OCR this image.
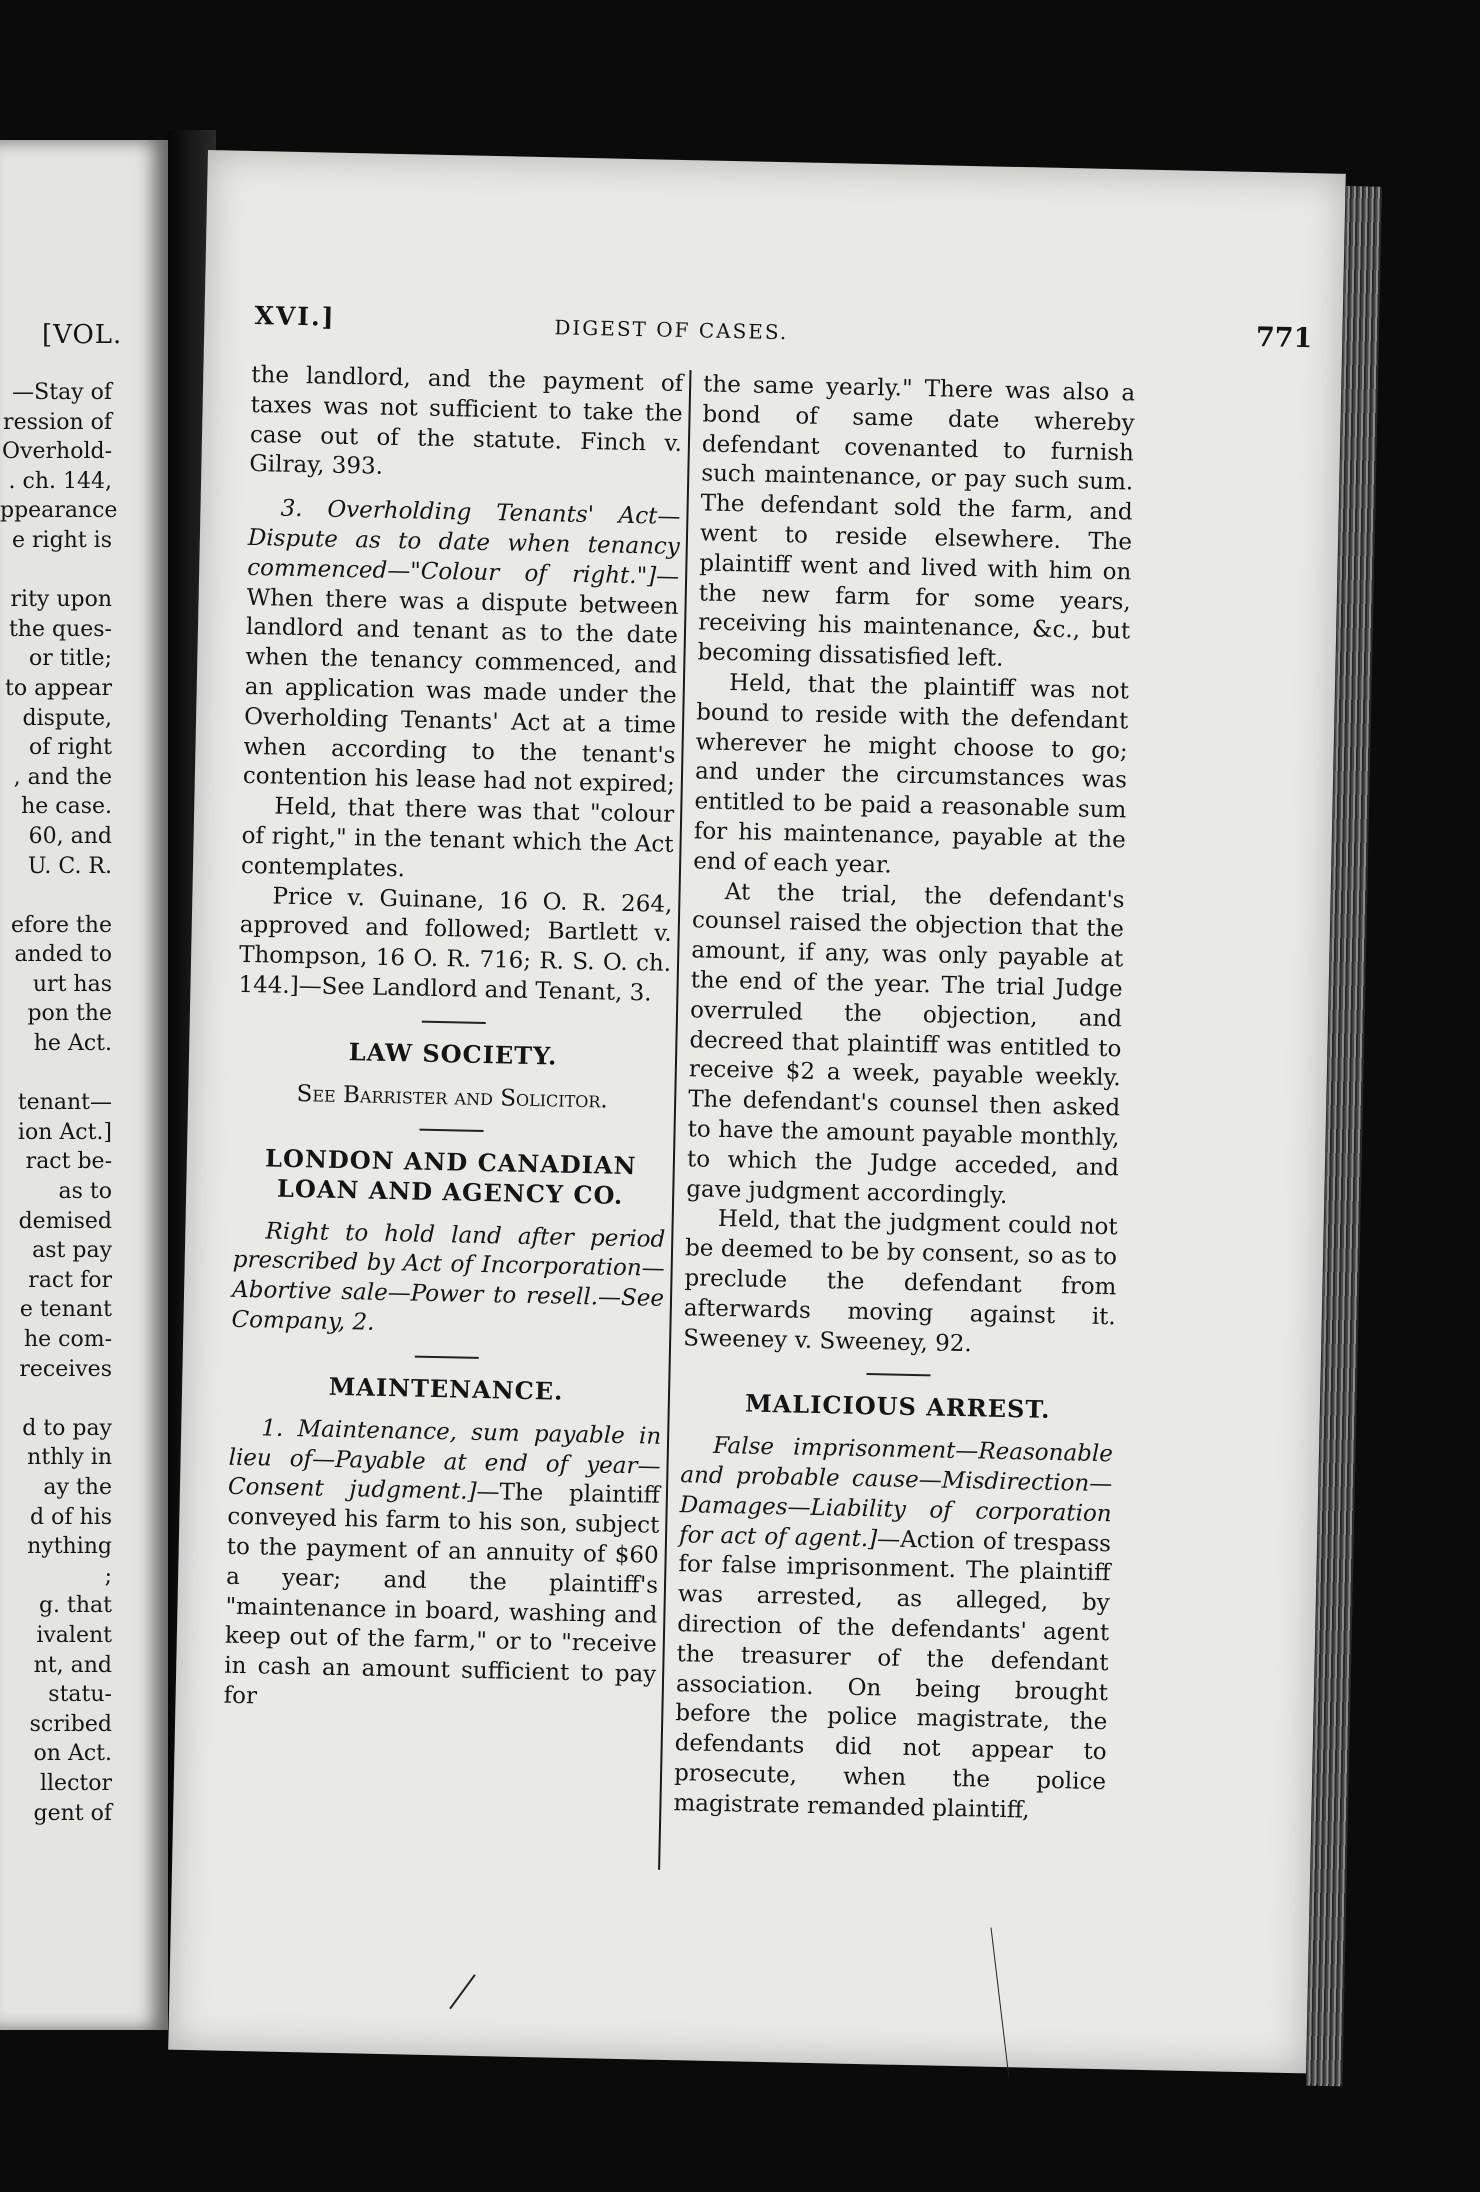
[VOL.
—Stay of
ression of
Overhold-
. ch. 144,
ppearance
e right is

rity upon
the ques-
or title;
to appear
dispute,
of right
, and the
he case.
60, and
U. C. R.

efore the
anded to
urt has
pon the
he Act.

tenant—
ion Act.]
ract be-
as to
demised
ast pay
ract for
e tenant
he com-
receives

d to pay
nthly in
ay the
d of his
nything
;
g. that
ivalent
nt, and
statu-
scribed
on Act.
llector
gent of
XVI.]	DIGEST OF CASES.	771

the landlord, and the payment of taxes was not sufficient to take the case out of the statute. Finch v. Gilray, 393.

3. Overholding Tenants' Act—Dispute as to date when tenancy commenced—"Colour of right."]—When there was a dispute between landlord and tenant as to the date when the tenancy commenced, and an application was made under the Overholding Tenants' Act at a time when according to the tenant's contention his lease had not expired;

Held, that there was that "colour of right," in the tenant which the Act contemplates.

Price v. Guinane, 16 O. R. 264, approved and followed; Bartlett v. Thompson, 16 O. R. 716; R. S. O. ch. 144.]—See Landlord and Tenant, 3.

LAW SOCIETY.

See Barrister and Solicitor.

LONDON AND CANADIAN LOAN AND AGENCY CO.

Right to hold land after period prescribed by Act of Incorporation—Abortive sale—Power to resell.—See Company, 2.

MAINTENANCE.

1. Maintenance, sum payable in lieu of—Payable at end of year—Consent judgment.]—The plaintiff conveyed his farm to his son, subject to the payment of an annuity of $60 a year; and the plaintiff's "maintenance in board, washing and keep out of the farm," or to "receive in cash an amount sufficient to pay for

the same yearly." There was also a bond of same date whereby defendant covenanted to furnish such maintenance, or pay such sum. The defendant sold the farm, and went to reside elsewhere. The plaintiff went and lived with him on the new farm for some years, receiving his maintenance, &c., but becoming dissatisfied left.

Held, that the plaintiff was not bound to reside with the defendant wherever he might choose to go; and under the circumstances was entitled to be paid a reasonable sum for his maintenance, payable at the end of each year.

At the trial, the defendant's counsel raised the objection that the amount, if any, was only payable at the end of the year. The trial Judge overruled the objection, and decreed that plaintiff was entitled to receive $2 a week, payable weekly. The defendant's counsel then asked to have the amount payable monthly, to which the Judge acceded, and gave judgment accordingly.

Held, that the judgment could not be deemed to be by consent, so as to preclude the defendant from afterwards moving against it. Sweeney v. Sweeney, 92.

MALICIOUS ARREST.

False imprisonment—Reasonable and probable cause—Misdirection—Damages—Liability of corporation for act of agent.]—Action of trespass for false imprisonment. The plaintiff was arrested, as alleged, by direction of the defendants' agent the treasurer of the defendant association. On being brought before the police magistrate, the defendants did not appear to prosecute, when the police magistrate remanded plaintiff,
